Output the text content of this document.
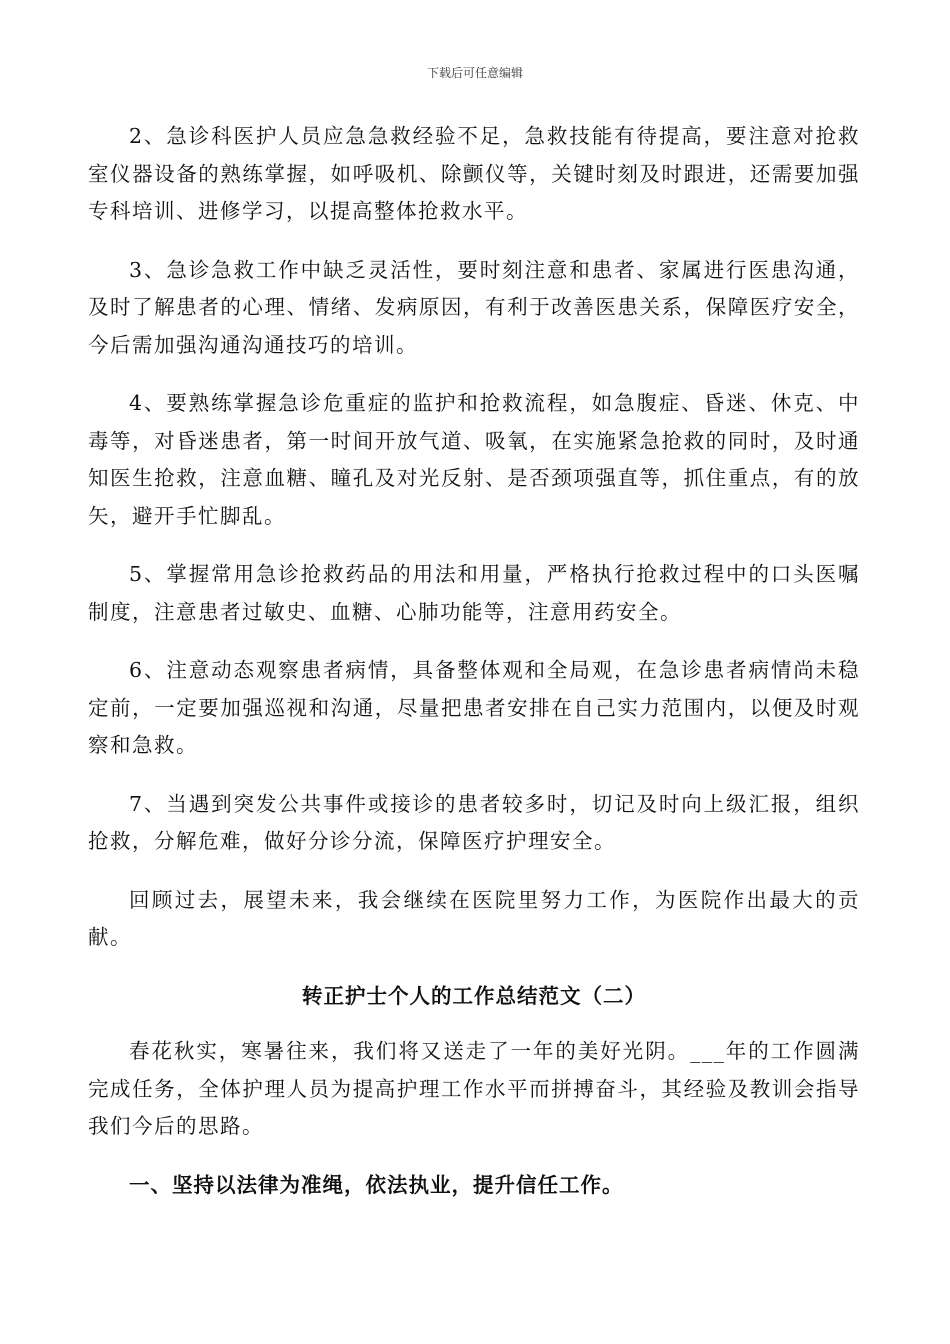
下载后可任意编辑

2、急诊科医护人员应急急救经验不足，急救技能有待提高，要注意对抢救室仪器设备的熟练掌握，如呼吸机、除颤仪等，关键时刻及时跟进，还需要加强专科培训、进修学习，以提高整体抢救水平。

3、急诊急救工作中缺乏灵活性，要时刻注意和患者、家属进行医患沟通，及时了解患者的心理、情绪、发病原因，有利于改善医患关系，保障医疗安全，今后需加强沟通沟通技巧的培训。

4、要熟练掌握急诊危重症的监护和抢救流程，如急腹症、昏迷、休克、中毒等，对昏迷患者，第一时间开放气道、吸氧，在实施紧急抢救的同时，及时通知医生抢救，注意血糖、瞳孔及对光反射、是否颈项强直等，抓住重点，有的放矢，避开手忙脚乱。

5、掌握常用急诊抢救药品的用法和用量，严格执行抢救过程中的口头医嘱制度，注意患者过敏史、血糖、心肺功能等，注意用药安全。

6、注意动态观察患者病情，具备整体观和全局观，在急诊患者病情尚未稳定前，一定要加强巡视和沟通，尽量把患者安排在自己实力范围内，以便及时观察和急救。

7、当遇到突发公共事件或接诊的患者较多时，切记及时向上级汇报，组织抢救，分解危难，做好分诊分流，保障医疗护理安全。

回顾过去，展望未来，我会继续在医院里努力工作，为医院作出最大的贡献。

转正护士个人的工作总结范文（二）

春花秋实，寒暑往来，我们将又送走了一年的美好光阴。___年的工作圆满完成任务，全体护理人员为提高护理工作水平而拼搏奋斗，其经验及教训会指导我们今后的思路。

一、坚持以法律为准绳，依法执业，提升信任工作。
